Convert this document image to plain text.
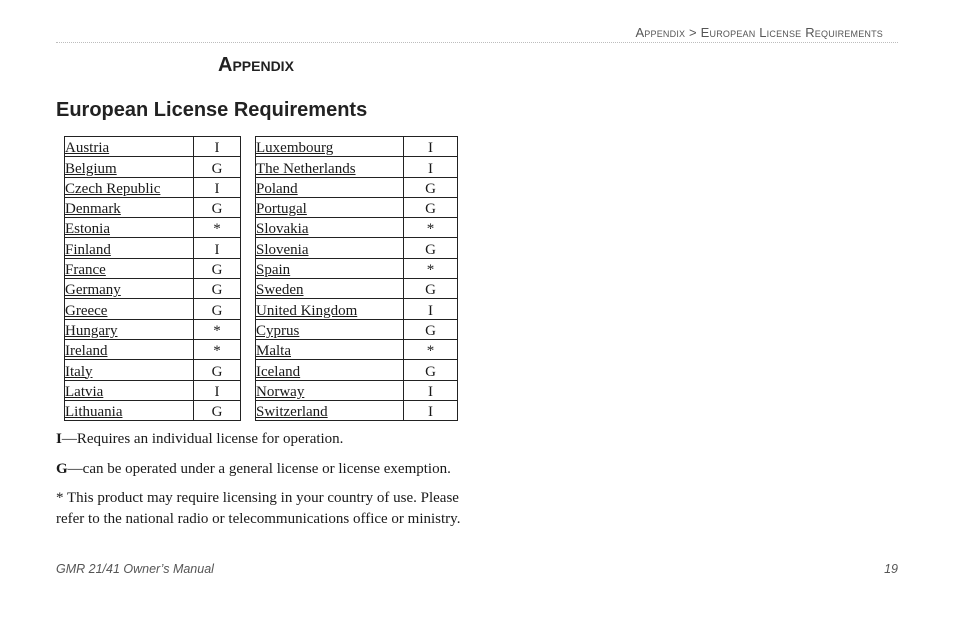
Appendix > European License Requirements
Appendix
European License Requirements
Austria	I		Luxembourg	I
Belgium	G		The Netherlands	I
Czech Republic	I		Poland	G
Denmark	G		Portugal	G
Estonia	*		Slovakia	*
Finland	I		Slovenia	G
France	G		Spain	*
Germany	G		Sweden	G
Greece	G		United Kingdom	I
Hungary	*		Cyprus	G
Ireland	*		Malta	*
Italy	G		Iceland	G
Latvia	I		Norway	I
Lithuania	G		Switzerland	I
I—Requires an individual license for operation.
G—can be operated under a general license or license exemption.
* This product may require licensing in your country of use. Please
refer to the national radio or telecommunications office or ministry.
GMR 21/41 Owner’s Manual	19
